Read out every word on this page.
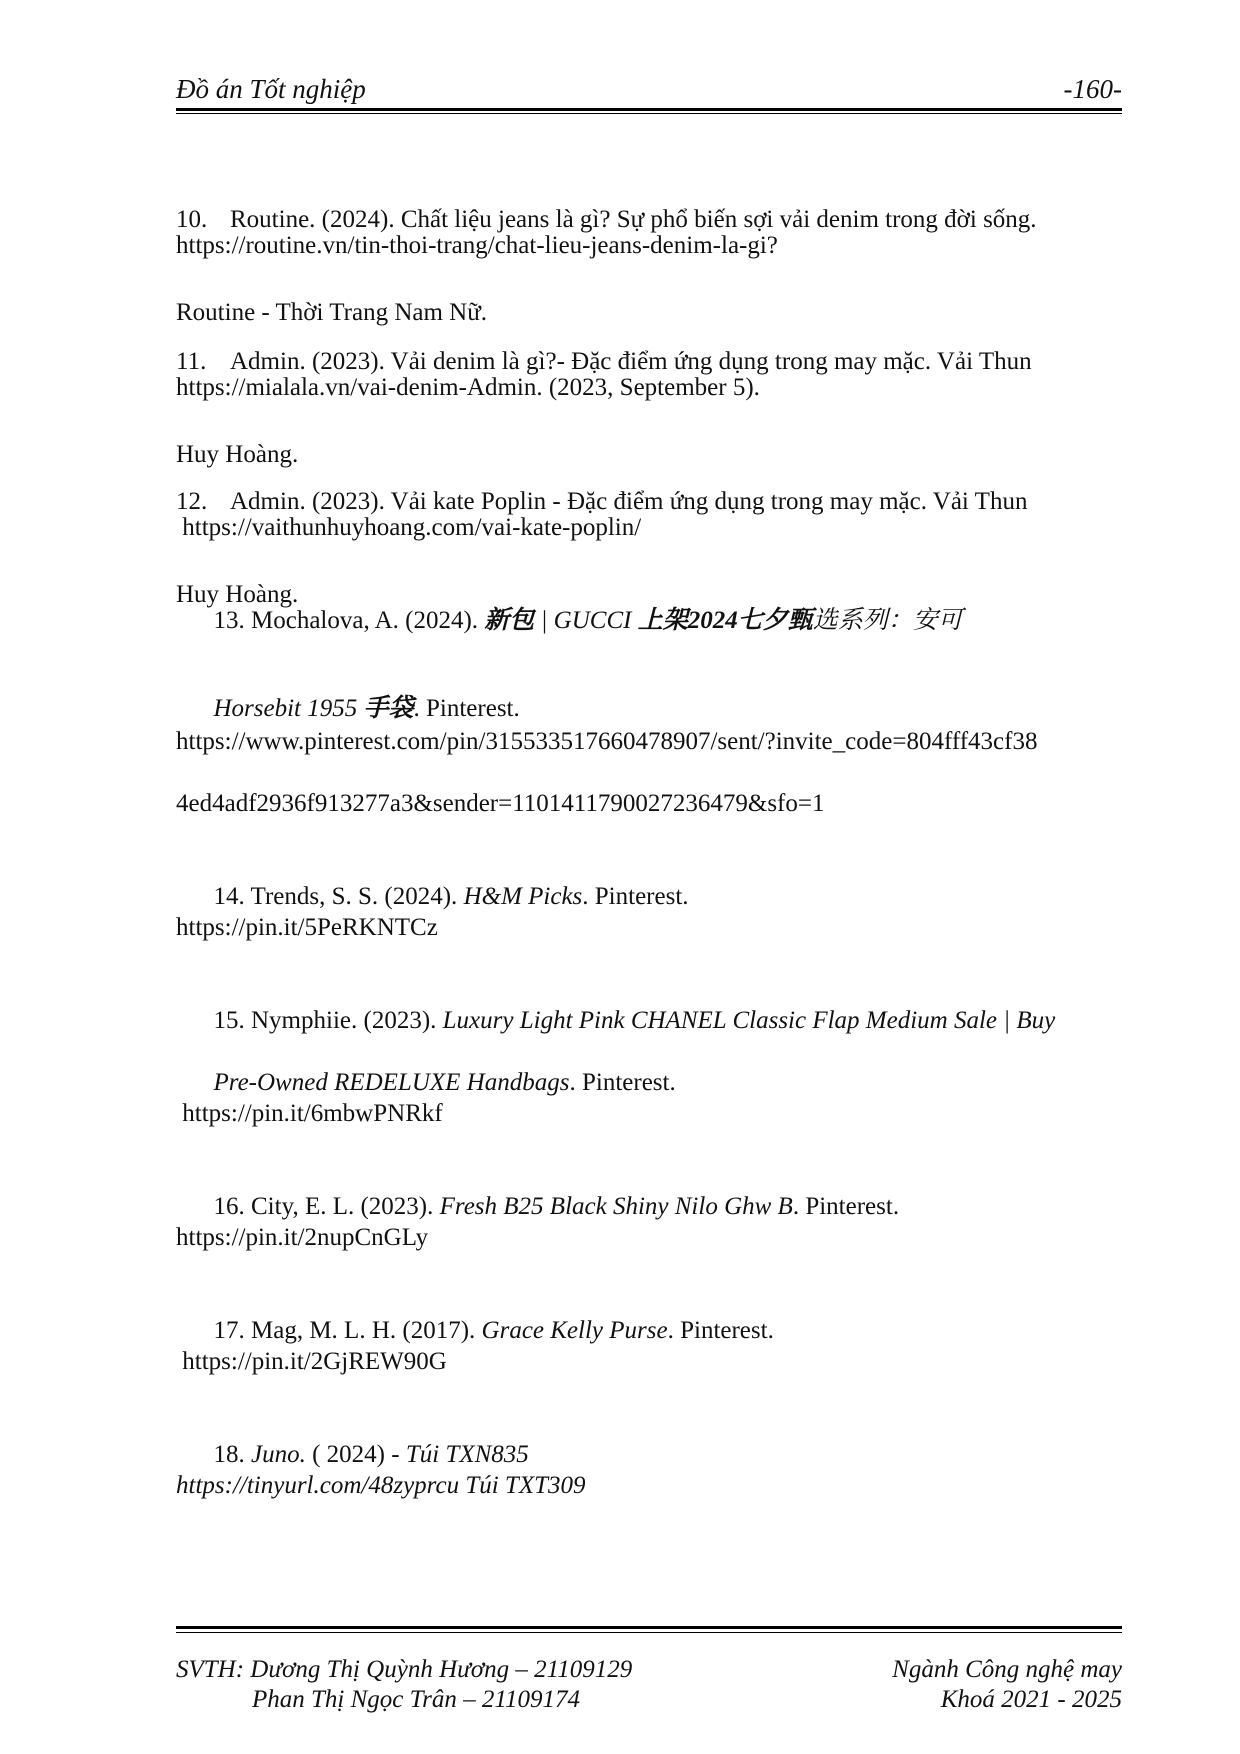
Đồ án Tốt nghiệp	-160-

10. Routine. (2024). Chất liệu jeans là gì? Sự phổ biến sợi vải denim trong đời sống.

Routine - Thời Trang Nam Nữ.

https://routine.vn/tin-thoi-trang/chat-lieu-jeans-denim-la-gi?

11. Admin. (2023). Vải denim là gì?- Đặc điểm ứng dụng trong may mặc. Vải Thun

Huy Hoàng.

https://mialala.vn/vai-denim-Admin. (2023, September 5).

12. Admin. (2023). Vải kate Poplin - Đặc điểm ứng dụng trong may mặc. Vải Thun

Huy Hoàng.

https://vaithunhuyhoang.com/vai-kate-poplin/

13. Mochalova, A. (2024). 新包 | GUCCI 上架2024七夕甄选系列：安可

Horsebit 1955 手袋. Pinterest.

https://www.pinterest.com/pin/315533517660478907/sent/?invite_code=804fff43cf38
4ed4adf2936f913277a3&sender=1101411790027236479&sfo=1

14. Trends, S. S. (2024). H&M Picks. Pinterest.

https://pin.it/5PeRKNTCz

15. Nymphiie. (2023). Luxury Light Pink CHANEL Classic Flap Medium Sale | Buy

Pre-Owned REDELUXE Handbags. Pinterest.

https://pin.it/6mbwPNRkf

16. City, E. L. (2023). Fresh B25 Black Shiny Nilo Ghw B. Pinterest.

https://pin.it/2nupCnGLy

17. Mag, M. L. H. (2017). Grace Kelly Purse. Pinterest.

https://pin.it/2GjREW90G

18. Juno. ( 2024) - Túi TXN835

https://tinyurl.com/48zyprcu Túi TXT309
SVTH: Dương Thị Quỳnh Hương – 21109129
Phan Thị Ngọc Trân – 21109174
Ngành Công nghệ may
Khoá 2021 - 2025
